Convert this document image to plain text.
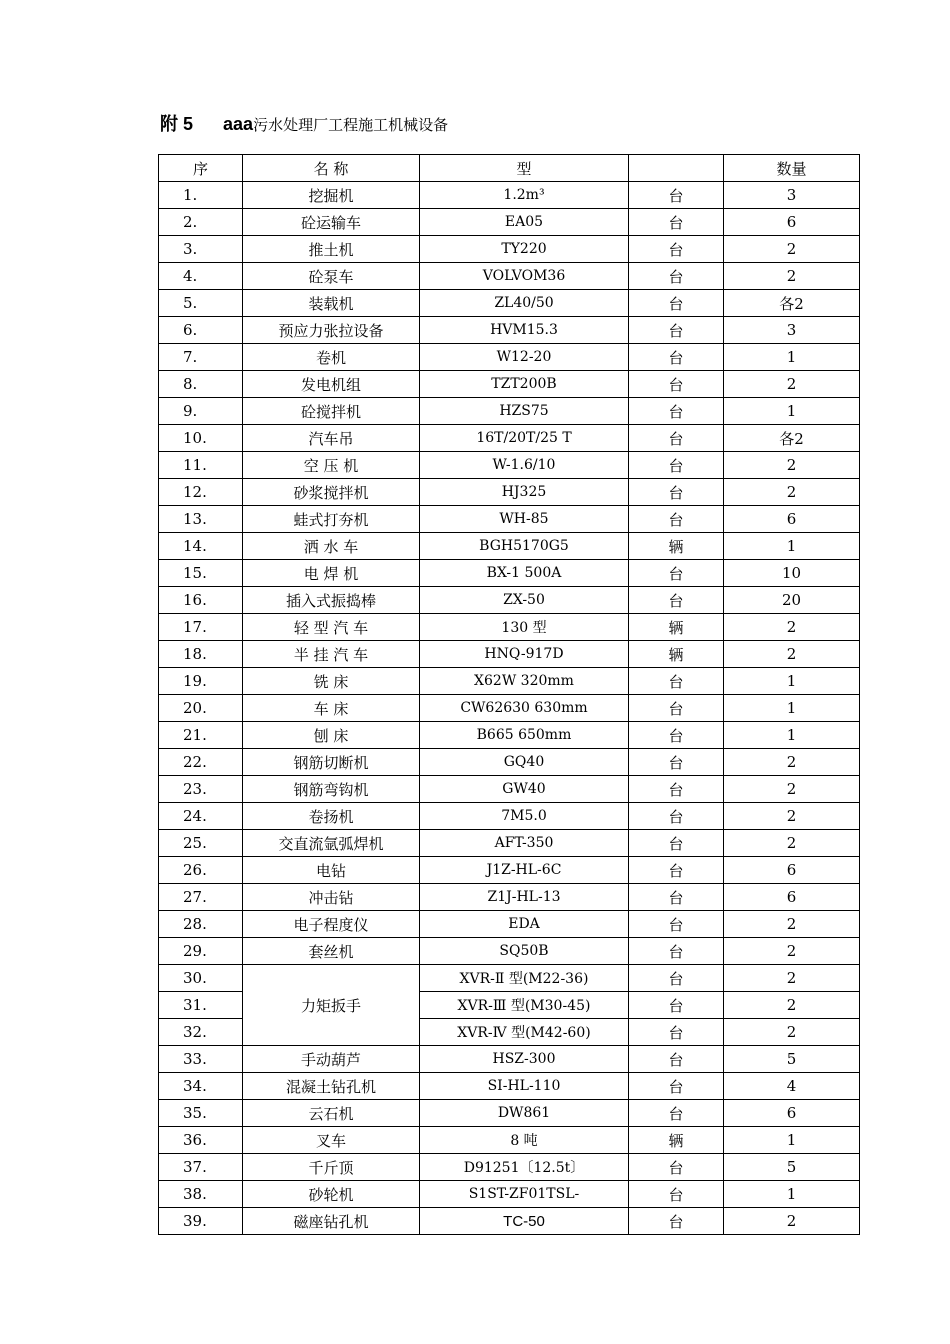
附 5 aaa污水处理厂工程施工机械设备
序	名 称	型		数量
1.	挖掘机	1.2m³	台	3
2.	砼运输车	EA05	台	6
3.	推土机	TY220	台	2
4.	砼泵车	VOLVOM36	台	2
5.	装载机	ZL40/50	台	各2
6.	预应力张拉设备	HVM15.3	台	3
7.	卷机	W12-20	台	1
8.	发电机组	TZT200B	台	2
9.	砼搅拌机	HZS75	台	1
10.	汽车吊	16T/20T/25 T	台	各2
11.	空 压 机	W-1.6/10	台	2
12.	砂浆搅拌机	HJ325	台	2
13.	蛙式打夯机	WH-85	台	6
14.	洒 水 车	BGH5170G5	辆	1
15.	电 焊 机	BX-1 500A	台	10
16.	插入式振捣棒	ZX-50	台	20
17.	轻 型 汽 车	130 型	辆	2
18.	半 挂 汽 车	HNQ-917D	辆	2
19.	铣 床	X62W 320mm	台	1
20.	车 床	CW62630 630mm	台	1
21.	刨 床	B665 650mm	台	1
22.	钢筋切断机	GQ40	台	2
23.	钢筋弯钩机	GW40	台	2
24.	卷扬机	7M5.0	台	2
25.	交直流氩弧焊机	AFT-350	台	2
26.	电钻	J1Z-HL-6C	台	6
27.	冲击钻	Z1J-HL-13	台	6
28.	电子程度仪	EDA	台	2
29.	套丝机	SQ50B	台	2
30.	力矩扳手	XVR-Ⅱ 型(M22-36)	台	2
31.		XVR-Ⅲ 型(M30-45)	台	2
32.		XVR-Ⅳ 型(M42-60)	台	2
33.	手动葫芦	HSZ-300	台	5
34.	混凝土钻孔机	SI-HL-110	台	4
35.	云石机	DW861	台	6
36.	叉车	8 吨	辆	1
37.	千斤顶	D91251〔12.5t〕	台	5
38.	砂轮机	S1ST-ZF01TSL-	台	1
39.	磁座钻孔机	TC-50	台	2
